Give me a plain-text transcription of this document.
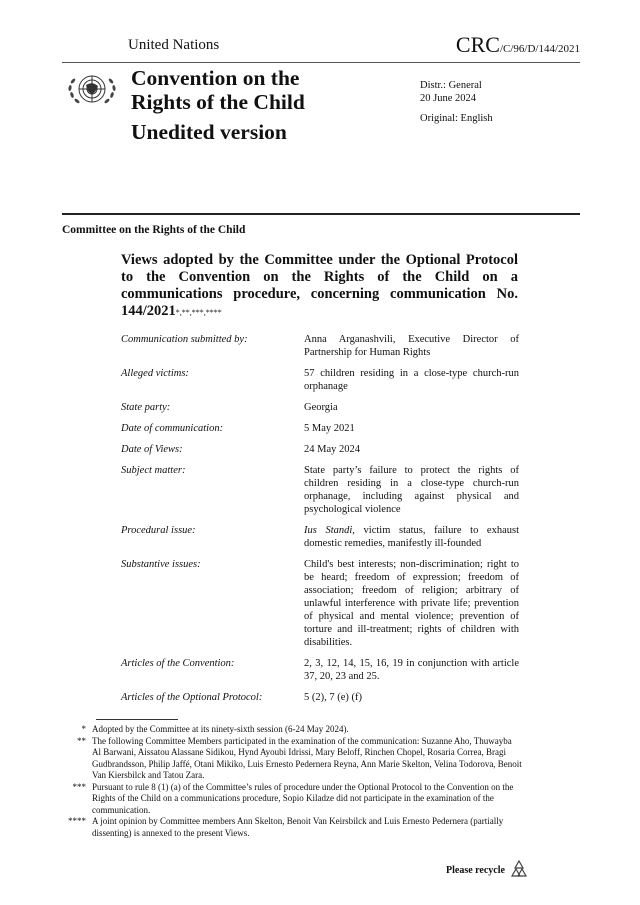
United Nations	CRC/C/96/D/144/2021
Convention on the
Rights of the Child
Unedited version
Distr.: General
20 June 2024
Original: English
Committee on the Rights of the Child
Views adopted by the Committee under the Optional Protocol to the Convention on the Rights of the Child on a communications procedure, concerning communication No. 144/2021*,**,***,****
Communication submitted by:	Anna Arganashvili, Executive Director of Partnership for Human Rights
Alleged victims:	57 children residing in a close-type church-run orphanage
State party:	Georgia
Date of communication:	5 May 2021
Date of Views:	24 May 2024
Subject matter:	State party’s failure to protect the rights of children residing in a close-type church-run orphanage, including against physical and psychological violence
Procedural issue:	Ius Standi, victim status, failure to exhaust domestic remedies, manifestly ill-founded
Substantive issues:	Child's best interests; non-discrimination; right to be heard; freedom of expression; freedom of association; freedom of religion; arbitrary of unlawful interference with private life; prevention of physical and mental violence; prevention of torture and ill-treatment; rights of children with disabilities.
Articles of the Convention:	2, 3, 12, 14, 15, 16, 19 in conjunction with article 37, 20, 23 and 25.
Articles of the Optional Protocol:	5 (2), 7 (e) (f)
* Adopted by the Committee at its ninety-sixth session (6-24 May 2024).
** The following Committee Members participated in the examination of the communication: Suzanne Aho, Thuwayba Al Barwani, Aissatou Alassane Sidikou, Hynd Ayoubi Idrissi, Mary Beloff, Rinchen Chopel, Rosaria Correa, Bragi Gudbrandsson, Philip Jaffé, Otani Mikiko, Luis Ernesto Pedernera Reyna, Ann Marie Skelton, Velina Todorova, Benoit Van Kiersbilck and Tatou Zara.
*** Pursuant to rule 8 (1) (a) of the Committee’s rules of procedure under the Optional Protocol to the Convention on the Rights of the Child on a communications procedure, Sopio Kiladze did not participate in the examination of the communication.
**** A joint opinion by Committee members Ann Skelton, Benoit Van Keirsbilck and Luis Ernesto Pedernera (partially dissenting) is annexed to the present Views.
Please recycle
